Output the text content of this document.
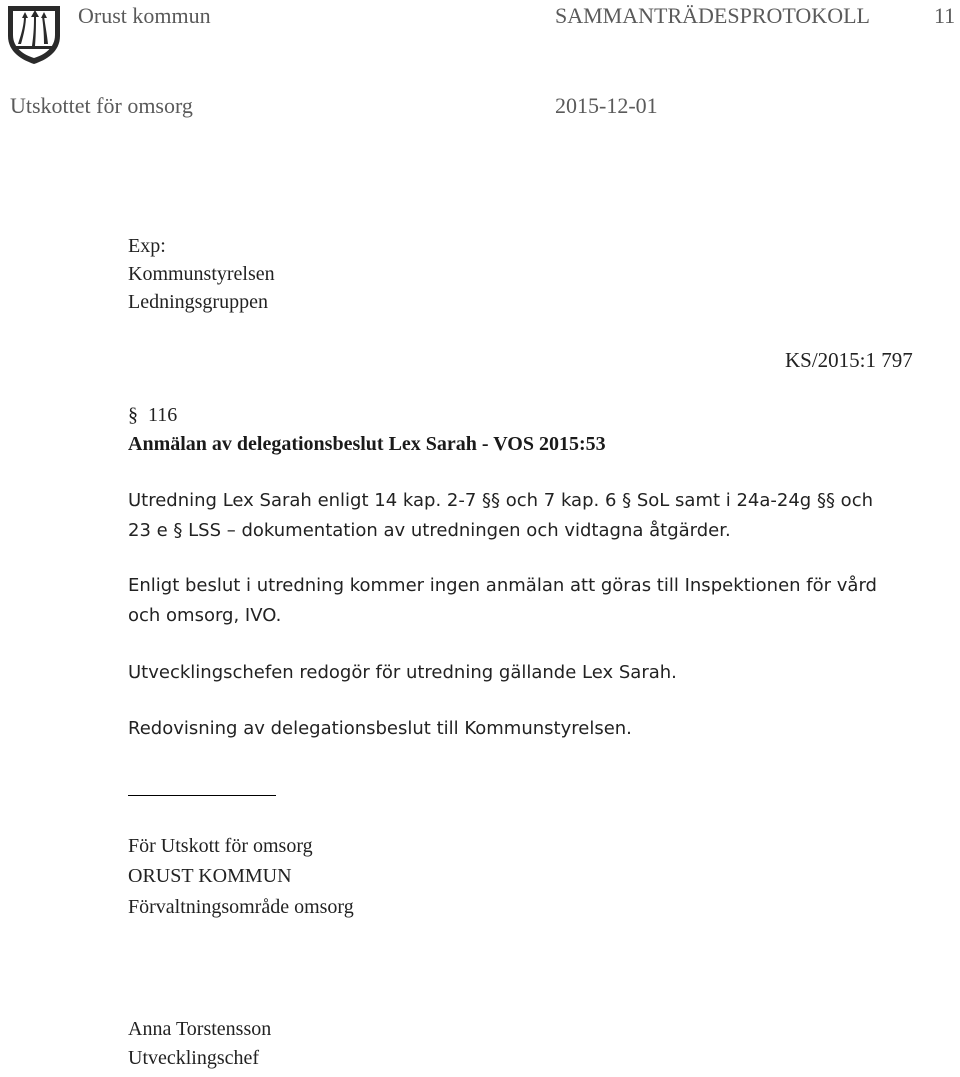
Orust kommun	SAMMANTRÄDESPROTOKOLL	11
Utskottet för omsorg	2015-12-01
Exp:
Kommunstyrelsen
Ledningsgruppen
KS/2015:1 797
§ 116
Anmälan av delegationsbeslut Lex Sarah - VOS 2015:53
Utredning Lex Sarah enligt 14 kap. 2-7 §§ och 7 kap. 6 § SoL samt i 24a-24g §§ och
23 e § LSS – dokumentation av utredningen och vidtagna åtgärder.
Enligt beslut i utredning kommer ingen anmälan att göras till Inspektionen för vård
och omsorg, IVO.
Utvecklingschefen redogör för utredning gällande Lex Sarah.
Redovisning av delegationsbeslut till Kommunstyrelsen.
För Utskott för omsorg
ORUST KOMMUN
Förvaltningsområde omsorg
Anna Torstensson
Utvecklingschef
